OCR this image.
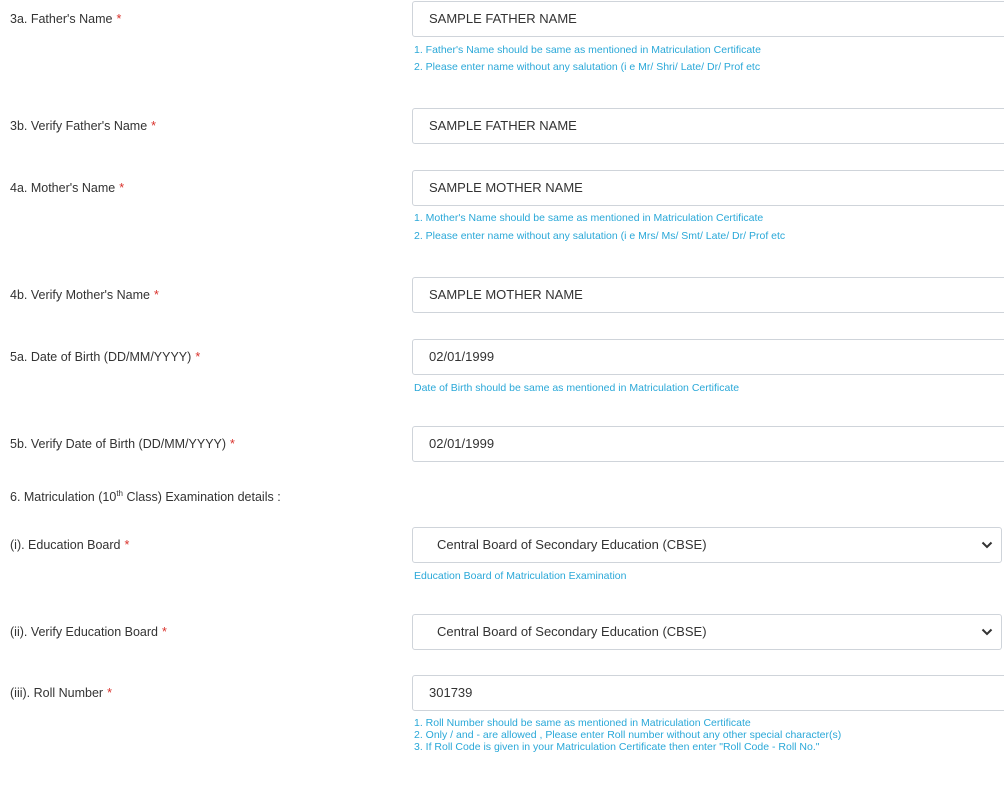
3a. Father's Name *	SAMPLE FATHER NAME
1. Father's Name should be same as mentioned in Matriculation Certificate
2. Please enter name without any salutation (i e Mr/ Shri/ Late/ Dr/ Prof etc
3b. Verify Father's Name *	SAMPLE FATHER NAME
4a. Mother's Name *	SAMPLE MOTHER NAME
1. Mother's Name should be same as mentioned in Matriculation Certificate
2. Please enter name without any salutation (i e Mrs/ Ms/ Smt/ Late/ Dr/ Prof etc
4b. Verify Mother's Name *	SAMPLE MOTHER NAME
5a. Date of Birth (DD/MM/YYYY) *	02/01/1999
Date of Birth should be same as mentioned in Matriculation Certificate
5b. Verify Date of Birth (DD/MM/YYYY) *	02/01/1999
6. Matriculation (10th Class) Examination details :
(i). Education Board *	Central Board of Secondary Education (CBSE)
Education Board of Matriculation Examination
(ii). Verify Education Board *	Central Board of Secondary Education (CBSE)
(iii). Roll Number *	301739
1. Roll Number should be same as mentioned in Matriculation Certificate
2. Only / and - are allowed , Please enter Roll number without any other special character(s)
3. If Roll Code is given in your Matriculation Certificate then enter "Roll Code - Roll No."
